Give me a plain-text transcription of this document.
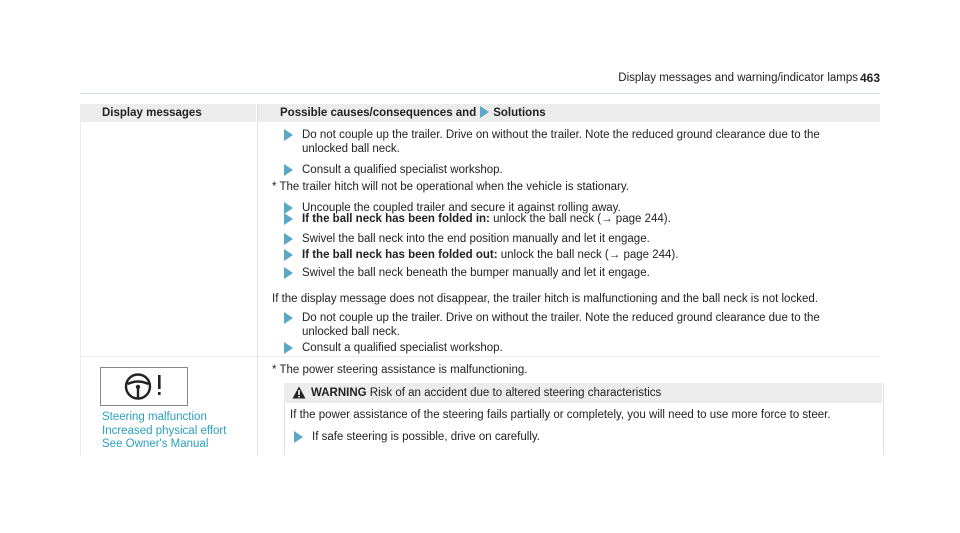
Display messages and warning/indicator lamps 463
Display messages	Possible causes/consequences and Solutions
Do not couple up the trailer. Drive on without the trailer. Note the reduced ground clearance due to the
unlocked ball neck.
Consult a qualified specialist workshop.
* The trailer hitch will not be operational when the vehicle is stationary.
Uncouple the coupled trailer and secure it against rolling away.
If the ball neck has been folded in: unlock the ball neck (→ page 244).
Swivel the ball neck into the end position manually and let it engage.
If the ball neck has been folded out: unlock the ball neck (→ page 244).
Swivel the ball neck beneath the bumper manually and let it engage.
If the display message does not disappear, the trailer hitch is malfunctioning and the ball neck is not locked.
Do not couple up the trailer. Drive on without the trailer. Note the reduced ground clearance due to the
unlocked ball neck.
Consult a qualified specialist workshop.
Steering malfunction
Increased physical effort
See Owner's Manual
* The power steering assistance is malfunctioning.
WARNING Risk of an accident due to altered steering characteristics
If the power assistance of the steering fails partially or completely, you will need to use more force to steer.
If safe steering is possible, drive on carefully.
